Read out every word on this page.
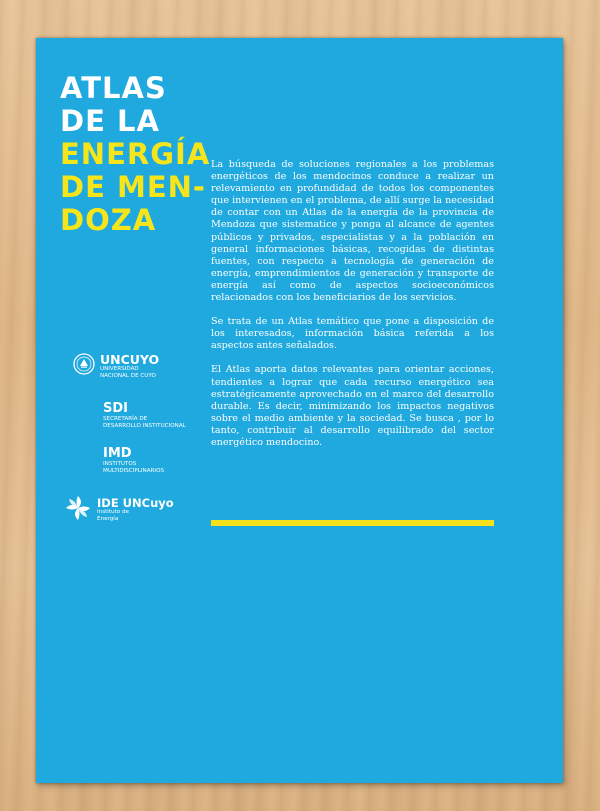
ATLAS
DE LA
ENERGÍA
DE MEN-
DOZA

La búsqueda de soluciones regionales a los problemas energéticos de los mendocinos conduce a realizar un relevamiento en profundidad de todos los componentes que intervienen en el problema, de allí surge la necesidad de contar con un Atlas de la energía de la provincia de Mendoza que sistematice y ponga al alcance de agentes públicos y privados, especialistas y a la población en general informaciones básicas, recogidas de distintas fuentes, con respecto a tecnología de generación de energía, emprendimientos de generación y transporte de energía así como de aspectos socioeconómicos relacionados con los beneficiarios de los servicios.

Se trata de un Atlas temático que pone a disposición de los interesados, información básica referida a los aspectos antes señalados.

El Atlas aporta datos relevantes para orientar acciones, tendientes a lograr que cada recurso energético sea estratégicamente aprovechado en el marco del desarrollo durable. Es decir, minimizando los impactos negativos sobre el medio ambiente y la sociedad. Se busca , por lo tanto, contribuir al desarrollo equilibrado del sector energético mendocino.

UNCUYO
UNIVERSIDAD
NACIONAL DE CUYO
SDI
SECRETARÍA DE
DESARROLLO INSTITUCIONAL
IMD
INSTITUTOS
MULTIDISCIPLINARIOS
IDE UNCuyo
Instituto de
Energía
